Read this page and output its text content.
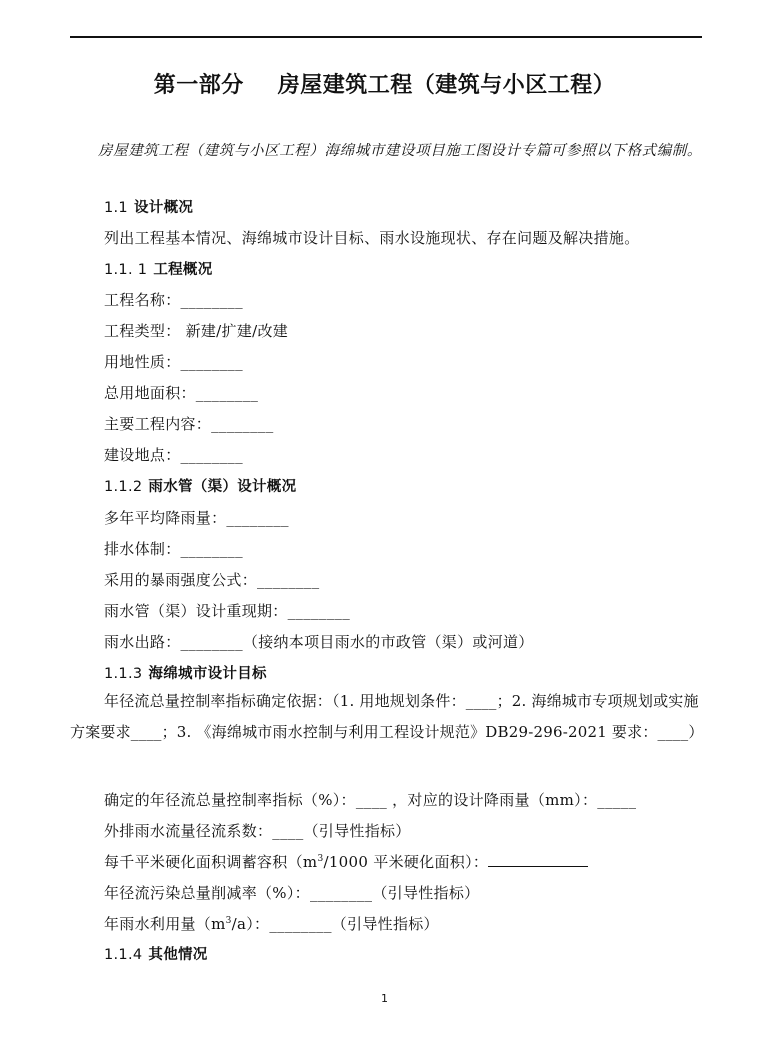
第一部分 房屋建筑工程（建筑与小区工程）
房屋建筑工程（建筑与小区工程）海绵城市建设项目施工图设计专篇可参照以下格式编制。
1.1 设计概况
列出工程基本情况、海绵城市设计目标、雨水设施现状、存在问题及解决措施。
1.1. 1 工程概况
工程名称：________
工程类型： 新建/扩建/改建
用地性质：________
总用地面积：________
主要工程内容：________
建设地点：________
1.1.2 雨水管（渠）设计概况
多年平均降雨量：________
排水体制：________
采用的暴雨强度公式：________
雨水管（渠）设计重现期：________
雨水出路：________（接纳本项目雨水的市政管（渠）或河道）
1.1.3 海绵城市设计目标
年径流总量控制率指标确定依据：（1. 用地规划条件：____；2. 海绵城市专项规划或实施方案要求____；3. 《海绵城市雨水控制与利用工程设计规范》DB29-296-2021 要求：____）
确定的年径流总量控制率指标（%）：____ ，对应的设计降雨量（mm）：_____
外排雨水流量径流系数：____（引导性指标）
每千平米硬化面积调蓄容积（$m^3/1000$ 平米硬化面积）：
年径流污染总量削减率（%）：________（引导性指标）
年雨水利用量$(m^3/a)$：________（引导性指标）
1.1.4 其他情况
1
